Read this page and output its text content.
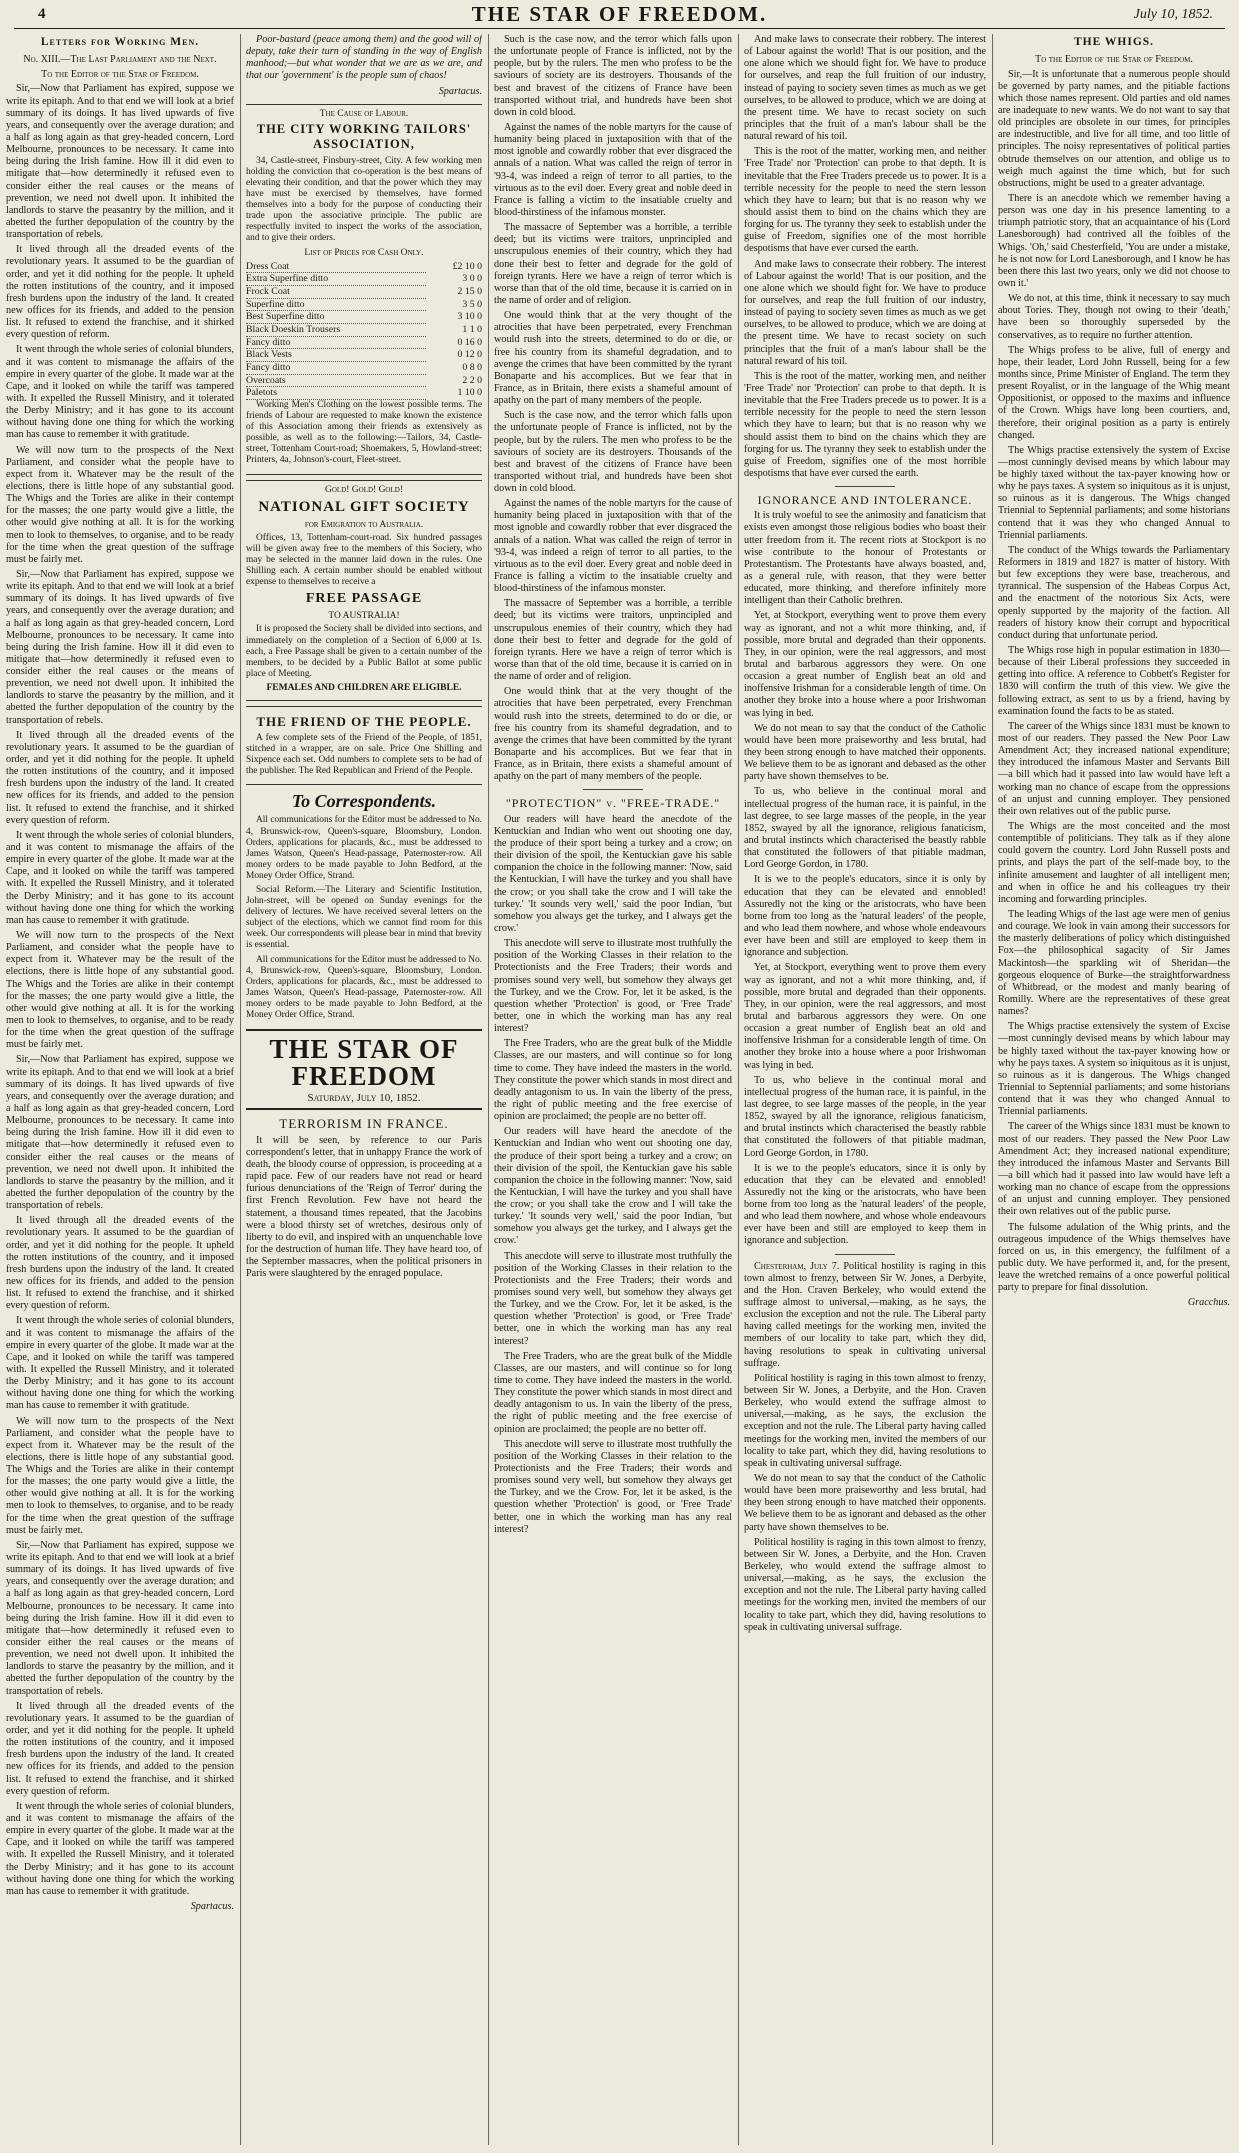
4	THE STAR OF FREEDOM.	July 10, 1852.
Letters for Working Men.
No. XIII.—The Last Parliament and the Next.
To the Editor of the Star of Freedom.

Sir,—Now that Parliament has expired, suppose we write its epitaph. And to that end we will look at a brief summary of its doings. It has lived upwards of five years, and consequently over the average duration; and a half as long again as that grey-headed concern, Lord Melbourne, pronounces to be necessary. It came into being during the Irish famine. How ill it did even to mitigate that—how determinedly it refused even to consider either the real causes or the means of prevention, we need not dwell upon. It inhibited the landlords to starve the peasantry by the million, and it abetted the further depopulation of the country by the transportation of rebels.

It lived through all the dreaded events of the revolutionary years. It assumed to be the guardian of order, and yet it did nothing for the people. It upheld the rotten institutions of the country, and it imposed fresh burdens upon the industry of the land. It created new offices for its friends, and added to the pension list. It refused to extend the franchise, and it shirked every question of reform.

It went through the whole series of colonial blunders, and it was content to mismanage the affairs of the empire in every quarter of the globe. It made war at the Cape, and it looked on while the tariff was tampered with. It expelled the Russell Ministry, and it tolerated the Derby Ministry; and it has gone to its account without having done one thing for which the working man has cause to remember it with gratitude.

We will now turn to the prospects of the Next Parliament, and consider what the people have to expect from it. Whatever may be the result of the elections, there is little hope of any substantial good. The Whigs and the Tories are alike in their contempt for the masses; the one party would give a little, the other would give nothing at all. It is for the working men to look to themselves, to organise, and to be ready for the time when the great question of the suffrage must be fairly met.

Sir,—Now that Parliament has expired, suppose we write its epitaph. And to that end we will look at a brief summary of its doings. It has lived upwards of five years, and consequently over the average duration; and a half as long again as that grey-headed concern, Lord Melbourne, pronounces to be necessary. It came into being during the Irish famine. How ill it did even to mitigate that—how determinedly it refused even to consider either the real causes or the means of prevention, we need not dwell upon. It inhibited the landlords to starve the peasantry by the million, and it abetted the further depopulation of the country by the transportation of rebels.

It lived through all the dreaded events of the revolutionary years. It assumed to be the guardian of order, and yet it did nothing for the people. It upheld the rotten institutions of the country, and it imposed fresh burdens upon the industry of the land. It created new offices for its friends, and added to the pension list. It refused to extend the franchise, and it shirked every question of reform.

It went through the whole series of colonial blunders, and it was content to mismanage the affairs of the empire in every quarter of the globe. It made war at the Cape, and it looked on while the tariff was tampered with. It expelled the Russell Ministry, and it tolerated the Derby Ministry; and it has gone to its account without having done one thing for which the working man has cause to remember it with gratitude.

We will now turn to the prospects of the Next Parliament, and consider what the people have to expect from it. Whatever may be the result of the elections, there is little hope of any substantial good. The Whigs and the Tories are alike in their contempt for the masses; the one party would give a little, the other would give nothing at all. It is for the working men to look to themselves, to organise, and to be ready for the time when the great question of the suffrage must be fairly met.

Sir,—Now that Parliament has expired, suppose we write its epitaph. And to that end we will look at a brief summary of its doings. It has lived upwards of five years, and consequently over the average duration; and a half as long again as that grey-headed concern, Lord Melbourne, pronounces to be necessary. It came into being during the Irish famine. How ill it did even to mitigate that—how determinedly it refused even to consider either the real causes or the means of prevention, we need not dwell upon. It inhibited the landlords to starve the peasantry by the million, and it abetted the further depopulation of the country by the transportation of rebels.

It lived through all the dreaded events of the revolutionary years. It assumed to be the guardian of order, and yet it did nothing for the people. It upheld the rotten institutions of the country, and it imposed fresh burdens upon the industry of the land. It created new offices for its friends, and added to the pension list. It refused to extend the franchise, and it shirked every question of reform.

It went through the whole series of colonial blunders, and it was content to mismanage the affairs of the empire in every quarter of the globe. It made war at the Cape, and it looked on while the tariff was tampered with. It expelled the Russell Ministry, and it tolerated the Derby Ministry; and it has gone to its account without having done one thing for which the working man has cause to remember it with gratitude.

We will now turn to the prospects of the Next Parliament, and consider what the people have to expect from it. Whatever may be the result of the elections, there is little hope of any substantial good. The Whigs and the Tories are alike in their contempt for the masses; the one party would give a little, the other would give nothing at all. It is for the working men to look to themselves, to organise, and to be ready for the time when the great question of the suffrage must be fairly met.

Sir,—Now that Parliament has expired, suppose we write its epitaph. And to that end we will look at a brief summary of its doings. It has lived upwards of five years, and consequently over the average duration; and a half as long again as that grey-headed concern, Lord Melbourne, pronounces to be necessary. It came into being during the Irish famine. How ill it did even to mitigate that—how determinedly it refused even to consider either the real causes or the means of prevention, we need not dwell upon. It inhibited the landlords to starve the peasantry by the million, and it abetted the further depopulation of the country by the transportation of rebels.

It lived through all the dreaded events of the revolutionary years. It assumed to be the guardian of order, and yet it did nothing for the people. It upheld the rotten institutions of the country, and it imposed fresh burdens upon the industry of the land. It created new offices for its friends, and added to the pension list. It refused to extend the franchise, and it shirked every question of reform.

It went through the whole series of colonial blunders, and it was content to mismanage the affairs of the empire in every quarter of the globe. It made war at the Cape, and it looked on while the tariff was tampered with. It expelled the Russell Ministry, and it tolerated the Derby Ministry; and it has gone to its account without having done one thing for which the working man has cause to remember it with gratitude.

Spartacus.

Poor-bastard (peace among them) and the good will of deputy, take their turn of standing in the way of English manhood;—but what wonder that we are as we are, and that our 'government' is the people sum of chaos!

Spartacus.
The Cause of Labour.
THE CITY WORKING TAILORS' ASSOCIATION,

34, Castle-street, Finsbury-street, City. A few working men holding the conviction that co-operation is the best means of elevating their condition, and that the power which they may have must be exercised by themselves, have formed themselves into a body for the purpose of conducting their trade upon the associative principle. The public are respectfully invited to inspect the works of the association, and to give their orders.

List of Prices for Cash Only.
Dress Coat	£2 10 0
Extra Superfine ditto	3 0 0
Frock Coat	2 15 0
Superfine ditto	3 5 0
Best Superfine ditto	3 10 0
Black Doeskin Trousers	1 1 0
Fancy ditto	0 16 0
Black Vests	0 12 0
Fancy ditto	0 8 0
Overcoats	2 2 0
Paletots	1 10 0

Working Men's Clothing on the lowest possible terms. The friends of Labour are requested to make known the existence of this Association among their friends as extensively as possible, as well as to the following:—Tailors, 34, Castle-street, Tottenham Court-road; Shoemakers, 5, Howland-street; Printers, 4a, Johnson's-court, Fleet-street.

Gold! Gold! Gold!
NATIONAL GIFT SOCIETY
for Emigration to Australia.

Offices, 13, Tottenham-court-road. Six hundred passages will be given away free to the members of this Society, who may be selected in the manner laid down in the rules. One Shilling each. A certain number should be enabled without expense to themselves to receive a

FREE PASSAGE
TO AUSTRALIA!

It is proposed the Society shall be divided into sections, and immediately on the completion of a Section of 6,000 at 1s. each, a Free Passage shall be given to a certain number of the members, to be decided by a Public Ballot at some public place of Meeting.

FEMALES AND CHILDREN ARE ELIGIBLE.
THE FRIEND OF THE PEOPLE.

A few complete sets of the Friend of the People, of 1851, stitched in a wrapper, are on sale. Price One Shilling and Sixpence each set. Odd numbers to complete sets to be had of the publisher. The Red Republican and Friend of the People.

To Correspondents.

All communications for the Editor must be addressed to No. 4, Brunswick-row, Queen's-square, Bloomsbury, London. Orders, applications for placards, &c., must be addressed to James Watson, Queen's Head-passage, Paternoster-row. All money orders to be made payable to John Bedford, at the Money Order Office, Strand.

Social Reform.—The Literary and Scientific Institution, John-street, will be opened on Sunday evenings for the delivery of lectures. We have received several letters on the subject of the elections, which we cannot find room for this week. Our correspondents will please bear in mind that brevity is essential.

All communications for the Editor must be addressed to No. 4, Brunswick-row, Queen's-square, Bloomsbury, London. Orders, applications for placards, &c., must be addressed to James Watson, Queen's Head-passage, Paternoster-row. All money orders to be made payable to John Bedford, at the Money Order Office, Strand.

THE STAR OF FREEDOM
Saturday, July 10, 1852.
TERRORISM IN FRANCE.

It will be seen, by reference to our Paris correspondent's letter, that in unhappy France the work of death, the bloody course of oppression, is proceeding at a rapid pace. Few of our readers have not read or heard furious denunciations of the 'Reign of Terror' during the first French Revolution. Few have not heard the statement, a thousand times repeated, that the Jacobins were a blood thirsty set of wretches, desirous only of liberty to do evil, and inspired with an unquenchable love for the destruction of human life. They have heard too, of the September massacres, when the political prisoners in Paris were slaughtered by the enraged populace.

Such is the case now, and the terror which falls upon the unfortunate people of France is inflicted, not by the people, but by the rulers. The men who profess to be the saviours of society are its destroyers. Thousands of the best and bravest of the citizens of France have been transported without trial, and hundreds have been shot down in cold blood.

Against the names of the noble martyrs for the cause of humanity being placed in juxtaposition with that of the most ignoble and cowardly robber that ever disgraced the annals of a nation. What was called the reign of terror in '93-4, was indeed a reign of terror to all parties, to the virtuous as to the evil doer. Every great and noble deed in France is falling a victim to the insatiable cruelty and blood-thirstiness of the infamous monster.

The massacre of September was a horrible, a terrible deed; but its victims were traitors, unprincipled and unscrupulous enemies of their country, which they had done their best to fetter and degrade for the gold of foreign tyrants. Here we have a reign of terror which is worse than that of the old time, because it is carried on in the name of order and of religion.

One would think that at the very thought of the atrocities that have been perpetrated, every Frenchman would rush into the streets, determined to do or die, or free his country from its shameful degradation, and to avenge the crimes that have been committed by the tyrant Bonaparte and his accomplices. But we fear that in France, as in Britain, there exists a shameful amount of apathy on the part of many members of the people.

Such is the case now, and the terror which falls upon the unfortunate people of France is inflicted, not by the people, but by the rulers. The men who profess to be the saviours of society are its destroyers. Thousands of the best and bravest of the citizens of France have been transported without trial, and hundreds have been shot down in cold blood.

Against the names of the noble martyrs for the cause of humanity being placed in juxtaposition with that of the most ignoble and cowardly robber that ever disgraced the annals of a nation. What was called the reign of terror in '93-4, was indeed a reign of terror to all parties, to the virtuous as to the evil doer. Every great and noble deed in France is falling a victim to the insatiable cruelty and blood-thirstiness of the infamous monster.

The massacre of September was a horrible, a terrible deed; but its victims were traitors, unprincipled and unscrupulous enemies of their country, which they had done their best to fetter and degrade for the gold of foreign tyrants. Here we have a reign of terror which is worse than that of the old time, because it is carried on in the name of order and of religion.

One would think that at the very thought of the atrocities that have been perpetrated, every Frenchman would rush into the streets, determined to do or die, or free his country from its shameful degradation, and to avenge the crimes that have been committed by the tyrant Bonaparte and his accomplices. But we fear that in France, as in Britain, there exists a shameful amount of apathy on the part of many members of the people.

"PROTECTION" v. "FREE-TRADE."

Our readers will have heard the anecdote of the Kentuckian and Indian who went out shooting one day, the produce of their sport being a turkey and a crow; on their division of the spoil, the Kentuckian gave his sable companion the choice in the following manner: 'Now, said the Kentuckian, I will have the turkey and you shall have the crow; or you shall take the crow and I will take the turkey.' 'It sounds very well,' said the poor Indian, 'but somehow you always get the turkey, and I always get the crow.'

This anecdote will serve to illustrate most truthfully the position of the Working Classes in their relation to the Protectionists and the Free Traders; their words and promises sound very well, but somehow they always get the Turkey, and we the Crow. For, let it be asked, is the question whether 'Protection' is good, or 'Free Trade' better, one in which the working man has any real interest?

The Free Traders, who are the great bulk of the Middle Classes, are our masters, and will continue so for long time to come. They have indeed the masters in the world. They constitute the power which stands in most direct and deadly antagonism to us. In vain the liberty of the press, the right of public meeting and the free exercise of opinion are proclaimed; the people are no better off.

Our readers will have heard the anecdote of the Kentuckian and Indian who went out shooting one day, the produce of their sport being a turkey and a crow; on their division of the spoil, the Kentuckian gave his sable companion the choice in the following manner: 'Now, said the Kentuckian, I will have the turkey and you shall have the crow; or you shall take the crow and I will take the turkey.' 'It sounds very well,' said the poor Indian, 'but somehow you always get the turkey, and I always get the crow.'

This anecdote will serve to illustrate most truthfully the position of the Working Classes in their relation to the Protectionists and the Free Traders; their words and promises sound very well, but somehow they always get the Turkey, and we the Crow. For, let it be asked, is the question whether 'Protection' is good, or 'Free Trade' better, one in which the working man has any real interest?

The Free Traders, who are the great bulk of the Middle Classes, are our masters, and will continue so for long time to come. They have indeed the masters in the world. They constitute the power which stands in most direct and deadly antagonism to us. In vain the liberty of the press, the right of public meeting and the free exercise of opinion are proclaimed; the people are no better off.

This anecdote will serve to illustrate most truthfully the position of the Working Classes in their relation to the Protectionists and the Free Traders; their words and promises sound very well, but somehow they always get the Turkey, and we the Crow. For, let it be asked, is the question whether 'Protection' is good, or 'Free Trade' better, one in which the working man has any real interest?

And make laws to consecrate their robbery. The interest of Labour against the world! That is our position, and the one alone which we should fight for. We have to produce for ourselves, and reap the full fruition of our industry, instead of paying to society seven times as much as we get ourselves, to be allowed to produce, which we are doing at the present time. We have to recast society on such principles that the fruit of a man's labour shall be the natural reward of his toil.

This is the root of the matter, working men, and neither 'Free Trade' nor 'Protection' can probe to that depth. It is inevitable that the Free Traders precede us to power. It is a terrible necessity for the people to need the stern lesson which they have to learn; but that is no reason why we should assist them to bind on the chains which they are forging for us. The tyranny they seek to establish under the guise of Freedom, signifies one of the most horrible despotisms that have ever cursed the earth.

And make laws to consecrate their robbery. The interest of Labour against the world! That is our position, and the one alone which we should fight for. We have to produce for ourselves, and reap the full fruition of our industry, instead of paying to society seven times as much as we get ourselves, to be allowed to produce, which we are doing at the present time. We have to recast society on such principles that the fruit of a man's labour shall be the natural reward of his toil.

This is the root of the matter, working men, and neither 'Free Trade' nor 'Protection' can probe to that depth. It is inevitable that the Free Traders precede us to power. It is a terrible necessity for the people to need the stern lesson which they have to learn; but that is no reason why we should assist them to bind on the chains which they are forging for us. The tyranny they seek to establish under the guise of Freedom, signifies one of the most horrible despotisms that have ever cursed the earth.

IGNORANCE AND INTOLERANCE.

It is truly woeful to see the animosity and fanaticism that exists even amongst those religious bodies who boast their utter freedom from it. The recent riots at Stockport is no wise contribute to the honour of Protestants or Protestantism. The Protestants have always boasted, and, as a general rule, with reason, that they were better educated, more thinking, and therefore infinitely more intelligent than their Catholic brethren.

Yet, at Stockport, everything went to prove them every way as ignorant, and not a whit more thinking, and, if possible, more brutal and degraded than their opponents. They, in our opinion, were the real aggressors, and most brutal and barbarous aggressors they were. On one occasion a great number of English beat an old and inoffensive Irishman for a considerable length of time. On another they broke into a house where a poor Irishwoman was lying in bed.

We do not mean to say that the conduct of the Catholic would have been more praiseworthy and less brutal, had they been strong enough to have matched their opponents. We believe them to be as ignorant and debased as the other party have shown themselves to be.

To us, who believe in the continual moral and intellectual progress of the human race, it is painful, in the last degree, to see large masses of the people, in the year 1852, swayed by all the ignorance, religious fanaticism, and brutal instincts which characterised the beastly rabble that constituted the followers of that pitiable madman, Lord George Gordon, in 1780.

It is we to the people's educators, since it is only by education that they can be elevated and ennobled! Assuredly not the king or the aristocrats, who have been borne from too long as the 'natural leaders' of the people, and who lead them nowhere, and whose whole endeavours ever have been and still are employed to keep them in ignorance and subjection.

Yet, at Stockport, everything went to prove them every way as ignorant, and not a whit more thinking, and, if possible, more brutal and degraded than their opponents. They, in our opinion, were the real aggressors, and most brutal and barbarous aggressors they were. On one occasion a great number of English beat an old and inoffensive Irishman for a considerable length of time. On another they broke into a house where a poor Irishwoman was lying in bed.

To us, who believe in the continual moral and intellectual progress of the human race, it is painful, in the last degree, to see large masses of the people, in the year 1852, swayed by all the ignorance, religious fanaticism, and brutal instincts which characterised the beastly rabble that constituted the followers of that pitiable madman, Lord George Gordon, in 1780.

It is we to the people's educators, since it is only by education that they can be elevated and ennobled! Assuredly not the king or the aristocrats, who have been borne from too long as the 'natural leaders' of the people, and who lead them nowhere, and whose whole endeavours ever have been and still are employed to keep them in ignorance and subjection.

Chesterham, July 7. Political hostility is raging in this town almost to frenzy, between Sir W. Jones, a Derbyite, and the Hon. Craven Berkeley, who would extend the suffrage almost to universal,—making, as he says, the exclusion the exception and not the rule. The Liberal party having called meetings for the working men, invited the members of our locality to take part, which they did, having resolutions to speak in cultivating universal suffrage.

Political hostility is raging in this town almost to frenzy, between Sir W. Jones, a Derbyite, and the Hon. Craven Berkeley, who would extend the suffrage almost to universal,—making, as he says, the exclusion the exception and not the rule. The Liberal party having called meetings for the working men, invited the members of our locality to take part, which they did, having resolutions to speak in cultivating universal suffrage.

We do not mean to say that the conduct of the Catholic would have been more praiseworthy and less brutal, had they been strong enough to have matched their opponents. We believe them to be as ignorant and debased as the other party have shown themselves to be.

Political hostility is raging in this town almost to frenzy, between Sir W. Jones, a Derbyite, and the Hon. Craven Berkeley, who would extend the suffrage almost to universal,—making, as he says, the exclusion the exception and not the rule. The Liberal party having called meetings for the working men, invited the members of our locality to take part, which they did, having resolutions to speak in cultivating universal suffrage.

THE WHIGS.
To the Editor of the Star of Freedom.

Sir,—It is unfortunate that a numerous people should be governed by party names, and the pitiable factions which those names represent. Old parties and old names are inadequate to new wants. We do not want to say that old principles are obsolete in our times, for principles are indestructible, and live for all time, and too little of principles. The noisy representatives of political parties obtrude themselves on our attention, and oblige us to weigh much against the time which, but for such obstructions, might be used to a greater advantage.

There is an anecdote which we remember having a person was one day in his presence lamenting to a triumph patriotic story, that an acquaintance of his (Lord Lanesborough) had contrived all the foibles of the Whigs. 'Oh,' said Chesterfield, 'You are under a mistake, he is not now for Lord Lanesborough, and I know he has been there this last two years, only we did not choose to own it.'

We do not, at this time, think it necessary to say much about Tories. They, though not owing to their 'death,' have been so thoroughly superseded by the conservatives, as to require no further attention.

The Whigs profess to be alive, full of energy and hope, their leader, Lord John Russell, being for a few months since, Prime Minister of England. The term they present Royalist, or in the language of the Whig meant Oppositionist, or opposed to the maxims and influence of the Crown. Whigs have long been courtiers, and, therefore, their original position as a party is entirely changed.

The Whigs practise extensively the system of Excise—most cunningly devised means by which labour may be highly taxed without the tax-payer knowing how or why he pays taxes. A system so iniquitous as it is unjust, so ruinous as it is dangerous. The Whigs changed Triennial to Septennial parliaments; and some historians contend that it was they who changed Annual to Triennial parliaments.

The conduct of the Whigs towards the Parliamentary Reformers in 1819 and 1827 is matter of history. With but few exceptions they were base, treacherous, and tyrannical. The suspension of the Habeas Corpus Act, and the enactment of the notorious Six Acts, were openly supported by the majority of the faction. All readers of history know their corrupt and hypocritical conduct during that unfortunate period.

The Whigs rose high in popular estimation in 1830—because of their Liberal professions they succeeded in getting into office. A reference to Cobbett's Register for 1830 will confirm the truth of this view. We give the following extract, as sent to us by a friend, having by examination found the facts to be as stated.

The career of the Whigs since 1831 must be known to most of our readers. They passed the New Poor Law Amendment Act; they increased national expenditure; they introduced the infamous Master and Servants Bill—a bill which had it passed into law would have left a working man no chance of escape from the oppressions of an unjust and cunning employer. They pensioned their own relatives out of the public purse.

The Whigs are the most conceited and the most contemptible of politicians. They talk as if they alone could govern the country. Lord John Russell posts and prints, and plays the part of the self-made boy, to the infinite amusement and laughter of all intelligent men; and when in office he and his colleagues try their incoming and forwarding principles.

The leading Whigs of the last age were men of genius and courage. We look in vain among their successors for the masterly deliberations of policy which distinguished Fox—the philosophical sagacity of Sir James Mackintosh—the sparkling wit of Sheridan—the gorgeous eloquence of Burke—the straightforwardness of Whitbread, or the modest and manly bearing of Romilly. Where are the representatives of these great names?

The Whigs practise extensively the system of Excise—most cunningly devised means by which labour may be highly taxed without the tax-payer knowing how or why he pays taxes. A system so iniquitous as it is unjust, so ruinous as it is dangerous. The Whigs changed Triennial to Septennial parliaments; and some historians contend that it was they who changed Annual to Triennial parliaments.

The career of the Whigs since 1831 must be known to most of our readers. They passed the New Poor Law Amendment Act; they increased national expenditure; they introduced the infamous Master and Servants Bill—a bill which had it passed into law would have left a working man no chance of escape from the oppressions of an unjust and cunning employer. They pensioned their own relatives out of the public purse.

The fulsome adulation of the Whig prints, and the outrageous impudence of the Whigs themselves have forced on us, in this emergency, the fulfilment of a public duty. We have performed it, and, for the present, leave the wretched remains of a once powerful political party to prepare for final dissolution.

Gracchus.
